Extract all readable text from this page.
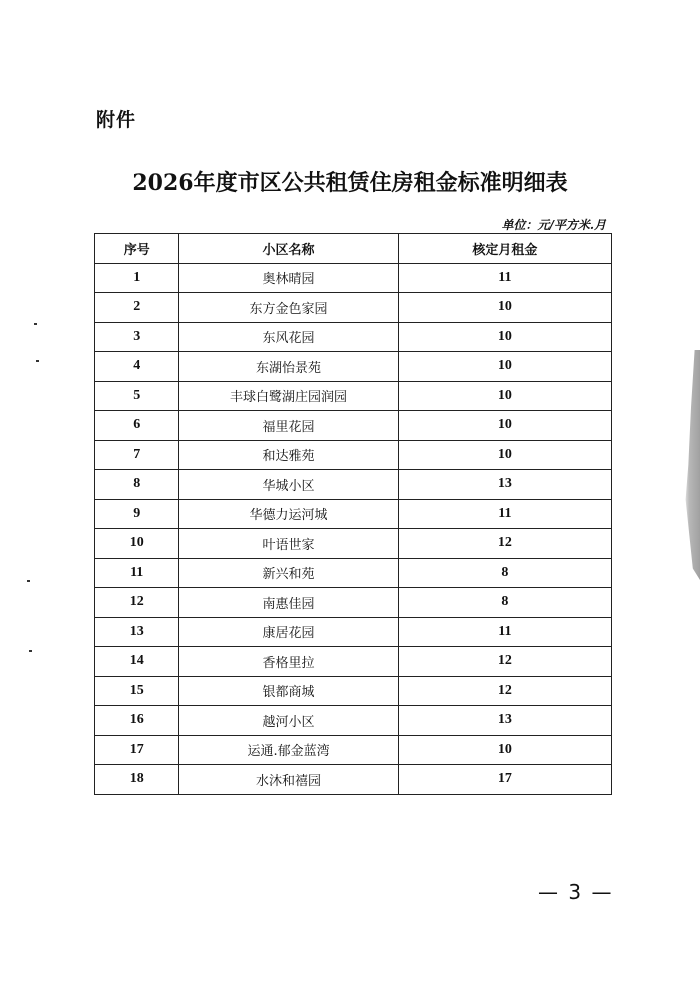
附件
2026年度市区公共租赁住房租金标准明细表
单位：元/平方米.月
序号	小区名称	核定月租金
1	奥林晴园	11
2	东方金色家园	10
3	东风花园	10
4	东湖怡景苑	10
5	丰球白鹭湖庄园润园	10
6	福里花园	10
7	和达雅苑	10
8	华城小区	13
9	华德力运河城	11
10	叶语世家	12
11	新兴和苑	8
12	南惠佳园	8
13	康居花园	11
14	香格里拉	12
15	银都商城	12
16	越河小区	13
17	运通.郁金蓝湾	10
18	水沐和禧园	17
— 3 —
